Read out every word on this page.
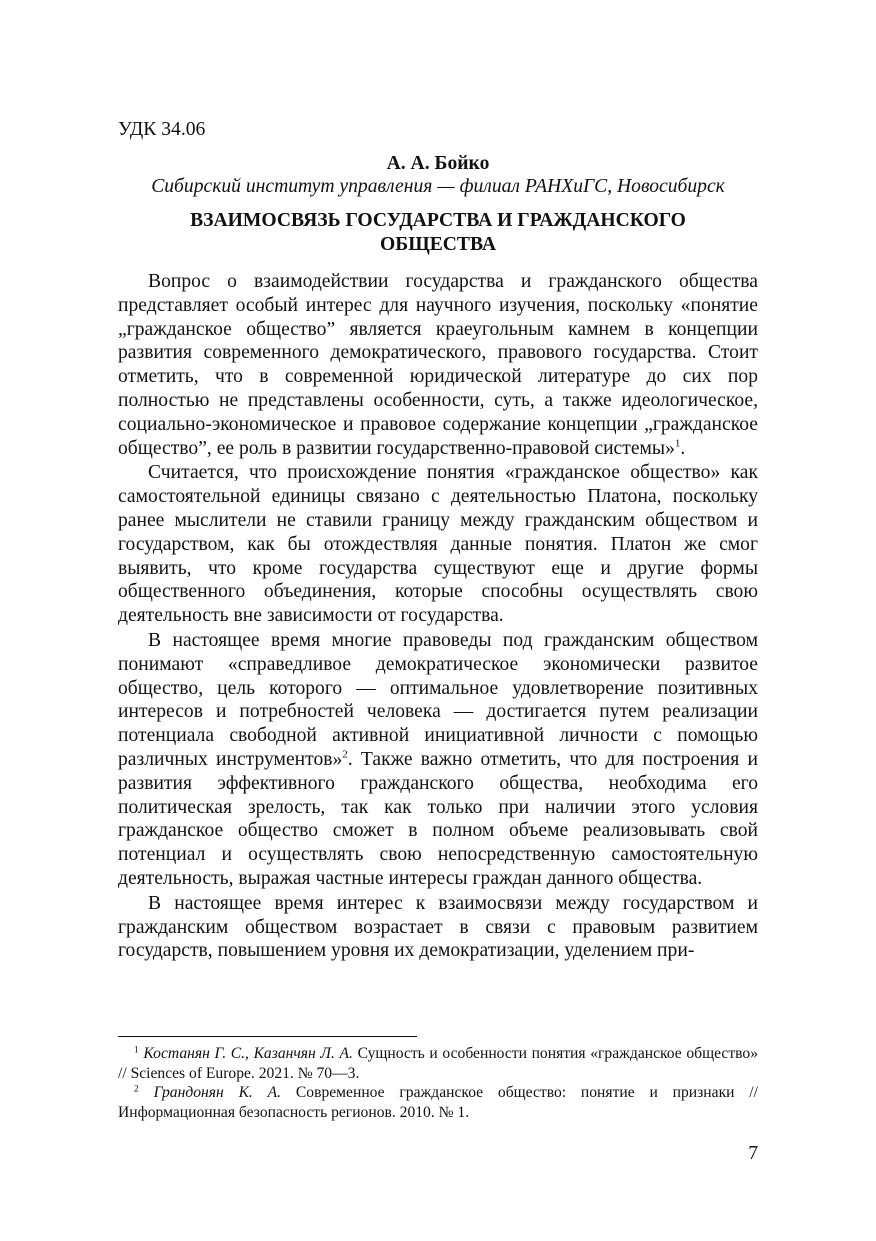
УДК 34.06
А. А. Бойко
Сибирский институт управления — филиал РАНХиГС, Новосибирск
ВЗАИМОСВЯЗЬ ГОСУДАРСТВА И ГРАЖДАНСКОГО
ОБЩЕСТВА

Вопрос о взаимодействии государства и гражданского общества представляет особый интерес для научного изучения, поскольку «понятие „гражданское общество” является краеугольным камнем в концепции развития современного демократического, правового государства. Стоит отметить, что в современной юридической литературе до сих пор полностью не представлены особенности, суть, а также идеологическое, социально-экономическое и правовое содержание концепции „гражданское общество”, ее роль в развитии государственно-правовой системы»$^1$.

Считается, что происхождение понятия «гражданское общество» как самостоятельной единицы связано с деятельностью Платона, поскольку ранее мыслители не ставили границу между гражданским обществом и государством, как бы отождествляя данные понятия. Платон же смог выявить, что кроме государства существуют еще и другие формы общественного объединения, которые способны осуществлять свою деятельность вне зависимости от государства.

В настоящее время многие правоведы под гражданским обществом понимают «справедливое демократическое экономически развитое общество, цель которого — оптимальное удовлетворение позитивных интересов и потребностей человека — достигается путем реализации потенциала свободной активной инициативной личности с помощью различных инструментов»$^2$. Также важно отметить, что для построения и развития эффективного гражданского общества, необходима его политическая зрелость, так как только при наличии этого условия гражданское общество сможет в полном объеме реализовывать свой потенциал и осуществлять свою непосредственную самостоятельную деятельность, выражая частные интересы граждан данного общества.

В настоящее время интерес к взаимосвязи между государством и гражданским обществом возрастает в связи с правовым развитием государств, повышением уровня их демократизации, уделением при-

$^1$ Костанян Г. С., Казанчян Л. А. Сущность и особенности понятия «гражданское общество» // Sciences of Europe. 2021. № 70—3.

$^2$ Грандонян К. А. Современное гражданское общество: понятие и признаки // Информационная безопасность регионов. 2010. № 1.

7
